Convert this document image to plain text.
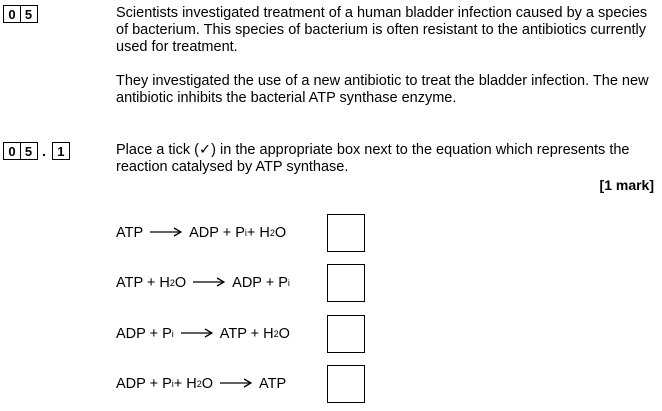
0 5	Scientists investigated treatment of a human bladder infection caused by a species of bacterium. This species of bacterium is often resistant to the antibiotics currently used for treatment.
They investigated the use of a new antibiotic to treat the bladder infection. The new antibiotic inhibits the bacterial ATP synthase enzyme.
0 5 . 1	Place a tick (✓) in the appropriate box next to the equation which represents the reaction catalysed by ATP synthase.
[1 mark]
ATP	ADP + P i + H 2 O
ATP + H 2 O	ADP + P i
ADP + P i	ATP + H 2 O
ADP + P i + H 2 O	ATP
